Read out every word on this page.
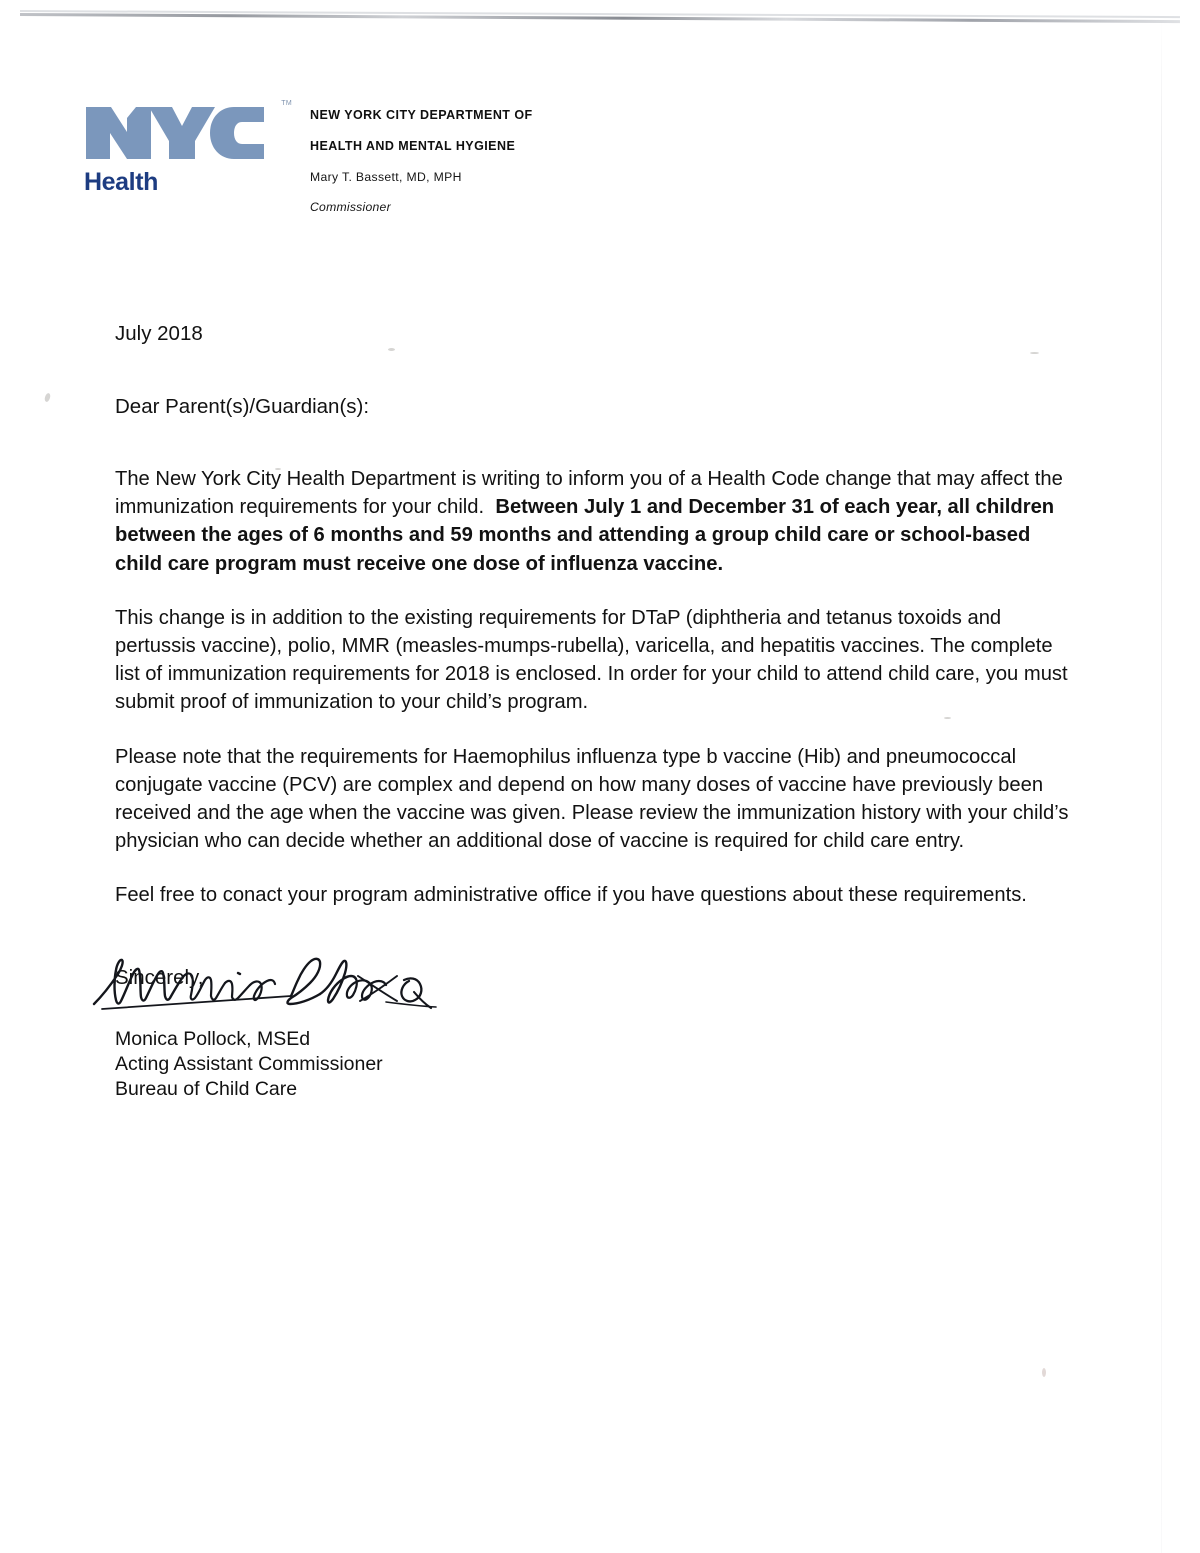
TM
Health
NEW YORK CITY DEPARTMENT OF
HEALTH AND MENTAL HYGIENE
Mary T. Bassett, MD, MPH
Commissioner

July 2018

Dear Parent(s)/Guardian(s):

The New York City Health Department is writing to inform you of a Health Code change that may affect the immunization requirements for your child. Between July 1 and December 31 of each year, all children between the ages of 6 months and 59 months and attending a group child care or school-based child care program must receive one dose of influenza vaccine.

This change is in addition to the existing requirements for DTaP (diphtheria and tetanus toxoids and pertussis vaccine), polio, MMR (measles-mumps-rubella), varicella, and hepatitis vaccines. The complete list of immunization requirements for 2018 is enclosed. In order for your child to attend child care, you must submit proof of immunization to your child’s program.

Please note that the requirements for Haemophilus influenza type b vaccine (Hib) and pneumococcal conjugate vaccine (PCV) are complex and depend on how many doses of vaccine have previously been received and the age when the vaccine was given. Please review the immunization history with your child’s physician who can decide whether an additional dose of vaccine is required for child care entry.

Feel free to conact your program administrative office if you have questions about these requirements.

Sincerely,

Monica Pollock, MSEd
Acting Assistant Commissioner
Bureau of Child Care
